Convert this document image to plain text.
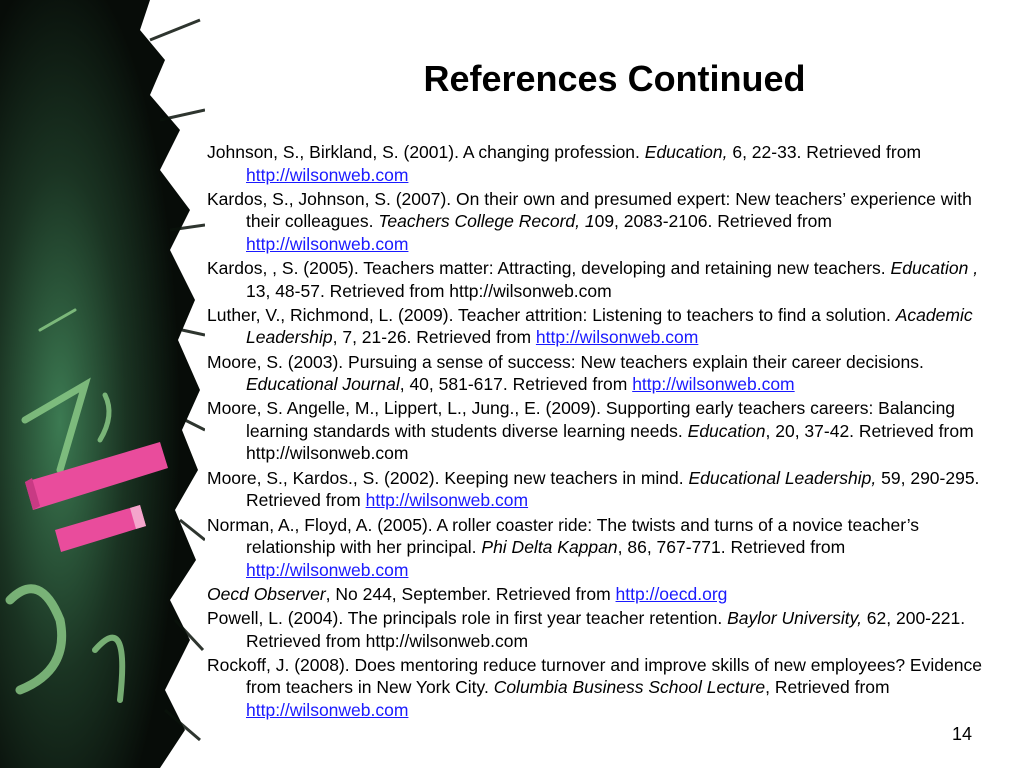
References Continued
Johnson, S., Birkland, S. (2001). A changing profession. Education, 6, 22-33. Retrieved from http://wilsonweb.com
Kardos, S., Johnson, S. (2007). On their own and presumed expert: New teachers’ experience with their colleagues. Teachers College Record, 109, 2083-2106. Retrieved from http://wilsonweb.com
Kardos, , S. (2005). Teachers matter: Attracting, developing and retaining new teachers. Education , 13, 48-57. Retrieved from http://wilsonweb.com
Luther, V., Richmond, L. (2009). Teacher attrition: Listening to teachers to find a solution. Academic Leadership, 7, 21-26. Retrieved from http://wilsonweb.com
Moore, S. (2003). Pursuing a sense of success: New teachers explain their career decisions. Educational Journal, 40, 581-617. Retrieved from http://wilsonweb.com
Moore, S. Angelle, M., Lippert, L., Jung., E. (2009). Supporting early teachers careers: Balancing learning standards with students diverse learning needs. Education, 20, 37-42. Retrieved from http://wilsonweb.com
Moore, S., Kardos., S. (2002). Keeping new teachers in mind. Educational Leadership, 59, 290-295. Retrieved from http://wilsonweb.com
Norman, A., Floyd, A. (2005). A roller coaster ride: The twists and turns of a novice teacher’s relationship with her principal. Phi Delta Kappan, 86, 767-771. Retrieved from http://wilsonweb.com
Oecd Observer, No 244, September. Retrieved from http://oecd.org
Powell, L. (2004). The principals role in first year teacher retention. Baylor University, 62, 200-221. Retrieved from http://wilsonweb.com
Rockoff, J. (2008). Does mentoring reduce turnover and improve skills of new employees? Evidence from teachers in New York City. Columbia Business School Lecture, Retrieved from http://wilsonweb.com
14
